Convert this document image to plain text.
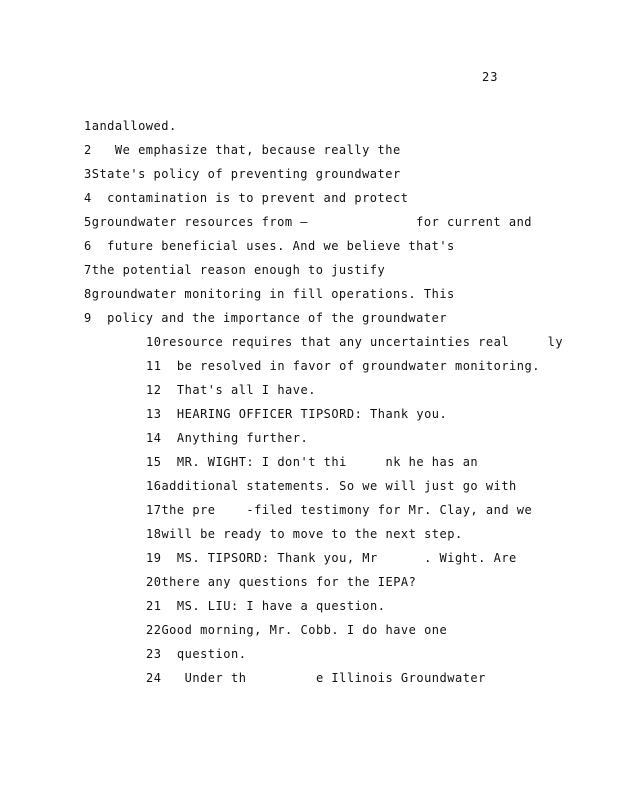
23
1andallowed.
2   We emphasize that, because really the
3State's policy of preventing groundwater
4  contamination is to prevent and protect
5groundwater resources from –              for current and
6  future beneficial uses. And we believe that's
7the potential reason enough to justify
8groundwater monitoring in fill operations. This
9  policy and the importance of the groundwater
10resource requires that any uncertainties real     ly
11  be resolved in favor of groundwater monitoring.
12  That's all I have.
13  HEARING OFFICER TIPSORD: Thank you.
14  Anything further.
15  MR. WIGHT: I don't thi     nk he has an
16additional statements. So we will just go with
17the pre    -filed testimony for Mr. Clay, and we
18will be ready to move to the next step.
19  MS. TIPSORD: Thank you, Mr      . Wight. Are
20there any questions for the IEPA?
21  MS. LIU: I have a question.
22Good morning, Mr. Cobb. I do have one
23  question.
24   Under th         e Illinois Groundwater
